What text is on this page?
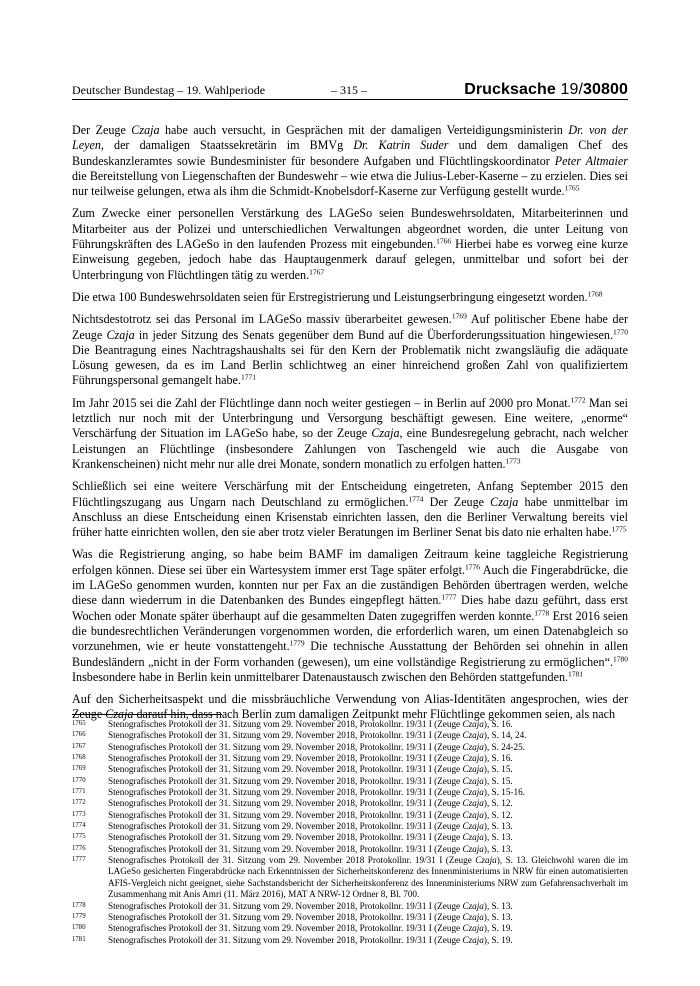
Deutscher Bundestag – 19. Wahlperiode	– 315 –	Drucksache 19/30800

Der Zeuge Czaja habe auch versucht, in Gesprächen mit der damaligen Verteidigungsministerin Dr. von der Leyen, der damaligen Staatssekretärin im BMVg Dr. Katrin Suder und dem damaligen Chef des Bundeskanzleramtes sowie Bundesminister für besondere Aufgaben und Flüchtlingskoordinator Peter Altmaier die Bereitstellung von Liegenschaften der Bundeswehr – wie etwa die Julius-Leber-Kaserne – zu erzielen. Dies sei nur teilweise gelungen, etwa als ihm die Schmidt-Knobelsdorf-Kaserne zur Verfügung gestellt wurde.$^{1765}$

Zum Zwecke einer personellen Verstärkung des LAGeSo seien Bundeswehrsoldaten, Mitarbeiterinnen und Mitarbeiter aus der Polizei und unterschiedlichen Verwaltungen abgeordnet worden, die unter Leitung von Führungskräften des LAGeSo in den laufenden Prozess mit eingebunden.$^{1766}$ Hierbei habe es vorweg eine kurze Einweisung gegeben, jedoch habe das Hauptaugenmerk darauf gelegen, unmittelbar und sofort bei der Unterbringung von Flüchtlingen tätig zu werden.$^{1767}$

Die etwa 100 Bundeswehrsoldaten seien für Erstregistrierung und Leistungserbringung eingesetzt worden.$^{1768}$

Nichtsdestotrotz sei das Personal im LAGeSo massiv überarbeitet gewesen.$^{1769}$ Auf politischer Ebene habe der Zeuge Czaja in jeder Sitzung des Senats gegenüber dem Bund auf die Überforderungssituation hingewiesen.$^{1770}$ Die Beantragung eines Nachtragshaushalts sei für den Kern der Problematik nicht zwangsläufig die adäquate Lösung gewesen, da es im Land Berlin schlichtweg an einer hinreichend großen Zahl von qualifiziertem Führungspersonal gemangelt habe.$^{1771}$

Im Jahr 2015 sei die Zahl der Flüchtlinge dann noch weiter gestiegen – in Berlin auf 2000 pro Monat.$^{1772}$ Man sei letztlich nur noch mit der Unterbringung und Versorgung beschäftigt gewesen. Eine weitere, „enorme“ Verschärfung der Situation im LAGeSo habe, so der Zeuge Czaja, eine Bundesregelung gebracht, nach welcher Leistungen an Flüchtlinge (insbesondere Zahlungen von Taschengeld wie auch die Ausgabe von Krankenscheinen) nicht mehr nur alle drei Monate, sondern monatlich zu erfolgen hatten.$^{1773}$

Schließlich sei eine weitere Verschärfung mit der Entscheidung eingetreten, Anfang September 2015 den Flüchtlingszugang aus Ungarn nach Deutschland zu ermöglichen.$^{1774}$ Der Zeuge Czaja habe unmittelbar im Anschluss an diese Entscheidung einen Krisenstab einrichten lassen, den die Berliner Verwaltung bereits viel früher hatte einrichten wollen, den sie aber trotz vieler Beratungen im Berliner Senat bis dato nie erhalten habe.$^{1775}$

Was die Registrierung anging, so habe beim BAMF im damaligen Zeitraum keine taggleiche Registrierung erfolgen können. Diese sei über ein Wartesystem immer erst Tage später erfolgt.$^{1776}$ Auch die Fingerabdrücke, die im LAGeSo genommen wurden, konnten nur per Fax an die zuständigen Behörden übertragen werden, welche diese dann wiederrum in die Datenbanken des Bundes eingepflegt hätten.$^{1777}$ Dies habe dazu geführt, dass erst Wochen oder Monate später überhaupt auf die gesammelten Daten zugegriffen werden konnte.$^{1778}$ Erst 2016 seien die bundesrechtlichen Veränderungen vorgenommen worden, die erforderlich waren, um einen Datenabgleich so vorzunehmen, wie er heute vonstattengeht.$^{1779}$ Die technische Ausstattung der Behörden sei ohnehin in allen Bundesländern „nicht in der Form vorhanden (gewesen), um eine vollständige Registrierung zu ermöglichen“.$^{1780}$ Insbesondere habe in Berlin kein unmittelbarer Datenaustausch zwischen den Behörden stattgefunden.$^{1781}$

Auf den Sicherheitsaspekt und die missbräuchliche Verwendung von Alias-Identitäten angesprochen, wies der Zeuge Czaja darauf hin, dass nach Berlin zum damaligen Zeitpunkt mehr Flüchtlinge gekommen seien, als nach

1765	Stenografisches Protokoll der 31. Sitzung vom 29. November 2018, Protokollnr. 19/31 I (Zeuge Czaja), S. 16.
1766	Stenografisches Protokoll der 31. Sitzung vom 29. November 2018, Protokollnr. 19/31 I (Zeuge Czaja), S. 14, 24.
1767	Stenografisches Protokoll der 31. Sitzung vom 29. November 2018, Protokollnr. 19/31 I (Zeuge Czaja), S. 24-25.
1768	Stenografisches Protokoll der 31. Sitzung vom 29. November 2018, Protokollnr. 19/31 I (Zeuge Czaja), S. 16.
1769	Stenografisches Protokoll der 31. Sitzung vom 29. November 2018, Protokollnr. 19/31 I (Zeuge Czaja), S. 15.
1770	Stenografisches Protokoll der 31. Sitzung vom 29. November 2018, Protokollnr. 19/31 I (Zeuge Czaja), S. 15.
1771	Stenografisches Protokoll der 31. Sitzung vom 29. November 2018, Protokollnr. 19/31 I (Zeuge Czaja), S. 15-16.
1772	Stenografisches Protokoll der 31. Sitzung vom 29. November 2018, Protokollnr. 19/31 I (Zeuge Czaja), S. 12.
1773	Stenografisches Protokoll der 31. Sitzung vom 29. November 2018, Protokollnr. 19/31 I (Zeuge Czaja), S. 12.
1774	Stenografisches Protokoll der 31. Sitzung vom 29. November 2018, Protokollnr. 19/31 I (Zeuge Czaja), S. 13.
1775	Stenografisches Protokoll der 31. Sitzung vom 29. November 2018, Protokollnr. 19/31 I (Zeuge Czaja), S. 13.
1776	Stenografisches Protokoll der 31. Sitzung vom 29. November 2018, Protokollnr. 19/31 I (Zeuge Czaja), S. 13.
1777	Stenografisches Protokoll der 31. Sitzung vom 29. November 2018 Protokollnr. 19/31 I (Zeuge Czaja), S. 13. Gleichwohl waren die im LAGeSo gesicherten Fingerabdrücke nach Erkenntnissen der Sicherheitskonferenz des Innenministeriums in NRW für einen automatisierten AFIS-Vergleich nicht geeignet, siehe Sachstandsbericht der Sicherheitskonferenz des Innenministeriums NRW zum Gefahrensachverhalt im Zusammenhang mit Anis Amri (11. März 2016), MAT A NRW-12 Ordner 8, Bl. 700.
1778	Stenografisches Protokoll der 31. Sitzung vom 29. November 2018, Protokollnr. 19/31 I (Zeuge Czaja), S. 13.
1779	Stenografisches Protokoll der 31. Sitzung vom 29. November 2018, Protokollnr. 19/31 I (Zeuge Czaja), S. 13.
1780	Stenografisches Protokoll der 31. Sitzung vom 29. November 2018, Protokollnr. 19/31 I (Zeuge Czaja), S. 19.
1781	Stenografisches Protokoll der 31. Sitzung vom 29. November 2018, Protokollnr. 19/31 I (Zeuge Czaja), S. 19.
